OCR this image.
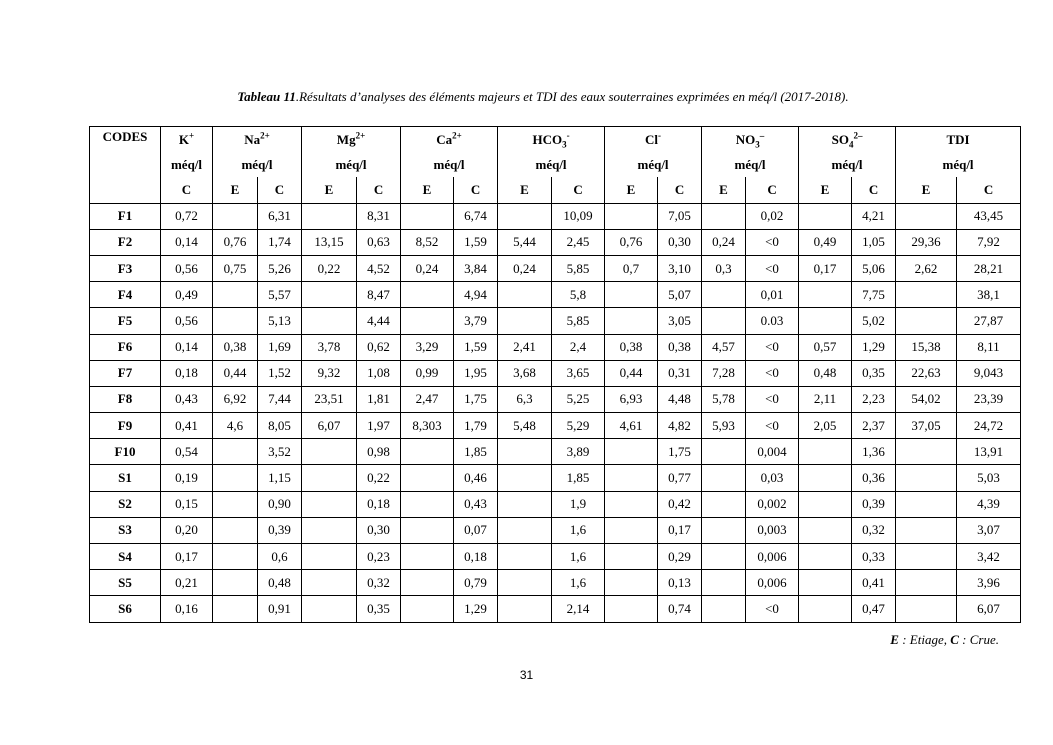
Tableau 11.Résultats d’analyses des éléments majeurs et TDI des eaux souterraines exprimées en méq/l (2017-2018).
CODES	K+	$Na^{2+}$		$Mg^{2+}$		$Ca^{2+}$		$HCO_3^-$		Cl-		$NO_3^-$		$SO_4^{2-}$		TDI	
	méq/l	méq/l		méq/l		méq/l		méq/l		méq/l		méq/l		méq/l		méq/l	
	C	E	C	E	C	E	C	E	C	E	C	E	C	E	C	E	C
F1	0,72		6,31		8,31		6,74		10,09		7,05		0,02		4,21		43,45
F2	0,14	0,76	1,74	13,15	0,63	8,52	1,59	5,44	2,45	0,76	0,30	0,24	<0	0,49	1,05	29,36	7,92
F3	0,56	0,75	5,26	0,22	4,52	0,24	3,84	0,24	5,85	0,7	3,10	0,3	<0	0,17	5,06	2,62	28,21
F4	0,49		5,57		8,47		4,94		5,8		5,07		0,01		7,75		38,1
F5	0,56		5,13		4,44		3,79		5,85		3,05		0.03		5,02		27,87
F6	0,14	0,38	1,69	3,78	0,62	3,29	1,59	2,41	2,4	0,38	0,38	4,57	<0	0,57	1,29	15,38	8,11
F7	0,18	0,44	1,52	9,32	1,08	0,99	1,95	3,68	3,65	0,44	0,31	7,28	<0	0,48	0,35	22,63	9,043
F8	0,43	6,92	7,44	23,51	1,81	2,47	1,75	6,3	5,25	6,93	4,48	5,78	<0	2,11	2,23	54,02	23,39
F9	0,41	4,6	8,05	6,07	1,97	8,303	1,79	5,48	5,29	4,61	4,82	5,93	<0	2,05	2,37	37,05	24,72
F10	0,54		3,52		0,98		1,85		3,89		1,75		0,004		1,36		13,91
S1	0,19		1,15		0,22		0,46		1,85		0,77		0,03		0,36		5,03
S2	0,15		0,90		0,18		0,43		1,9		0,42		0,002		0,39		4,39
S3	0,20		0,39		0,30		0,07		1,6		0,17		0,003		0,32		3,07
S4	0,17		0,6		0,23		0,18		1,6		0,29		0,006		0,33		3,42
S5	0,21		0,48		0,32		0,79		1,6		0,13		0,006		0,41		3,96
S6	0,16		0,91		0,35		1,29		2,14		0,74		<0		0,47		6,07
E : Etiage, C : Crue.
31
